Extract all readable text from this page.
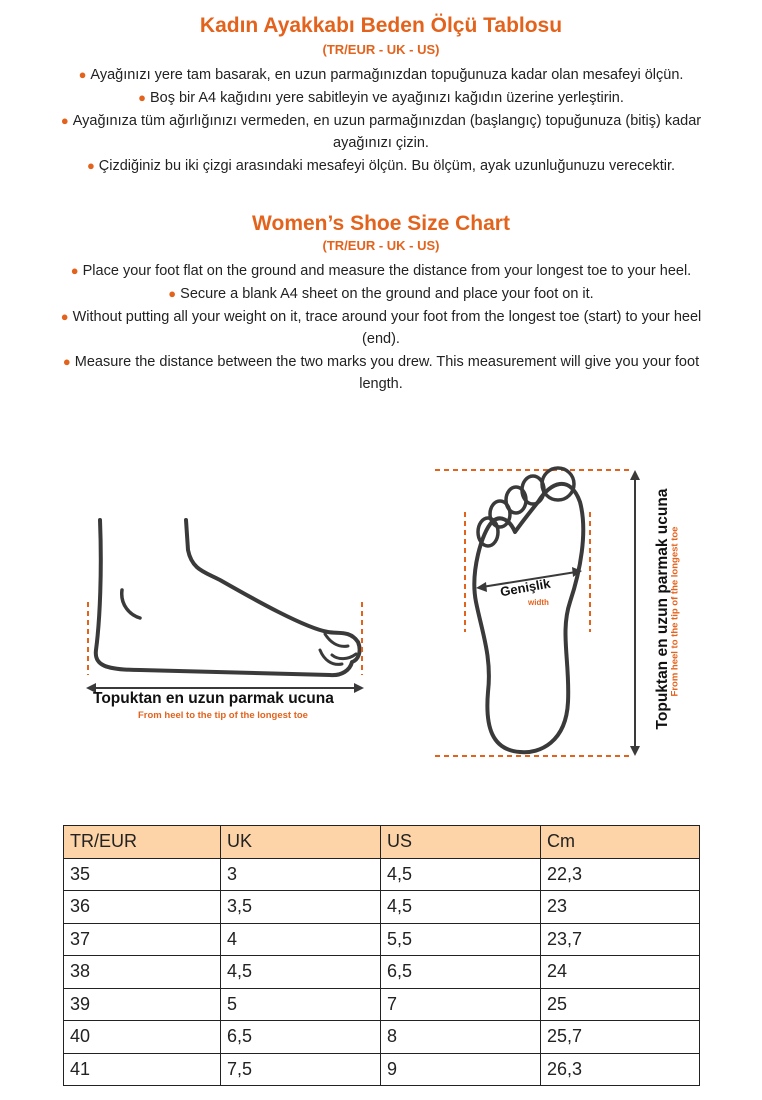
Kadın Ayakkabı Beden Ölçü Tablosu
(TR/EUR - UK - US)
● Ayağınızı yere tam basarak, en uzun parmağınızdan topuğunuza kadar olan mesafeyi ölçün.
● Boş bir A4 kağıdını yere sabitleyin ve ayağınızı kağıdın üzerine yerleştirin.
● Ayağınıza tüm ağırlığınızı vermeden, en uzun parmağınızdan (başlangıç) topuğunuza (bitiş) kadar ayağınızı çizin.
● Çizdiğiniz bu iki çizgi arasındaki mesafeyi ölçün. Bu ölçüm, ayak uzunluğunuzu verecektir.
Women’s Shoe Size Chart
(TR/EUR - UK - US)
● Place your foot flat on the ground and measure the distance from your longest toe to your heel.
● Secure a blank A4 sheet on the ground and place your foot on it.
● Without putting all your weight on it, trace around your foot from the longest toe (start) to your heel (end).
● Measure the distance between the two marks you drew. This measurement will give you your foot length.
Topuktan en uzun parmak ucuna
From heel to the tip of the longest toe
Genişlik
width	Topuktan en uzun parmak ucuna
From heel to the tip of the longest toe
TR/EUR	UK	US	Cm
35	3	4,5	22,3
36	3,5	4,5	23
37	4	5,5	23,7
38	4,5	6,5	24
39	5	7	25
40	6,5	8	25,7
41	7,5	9	26,3
